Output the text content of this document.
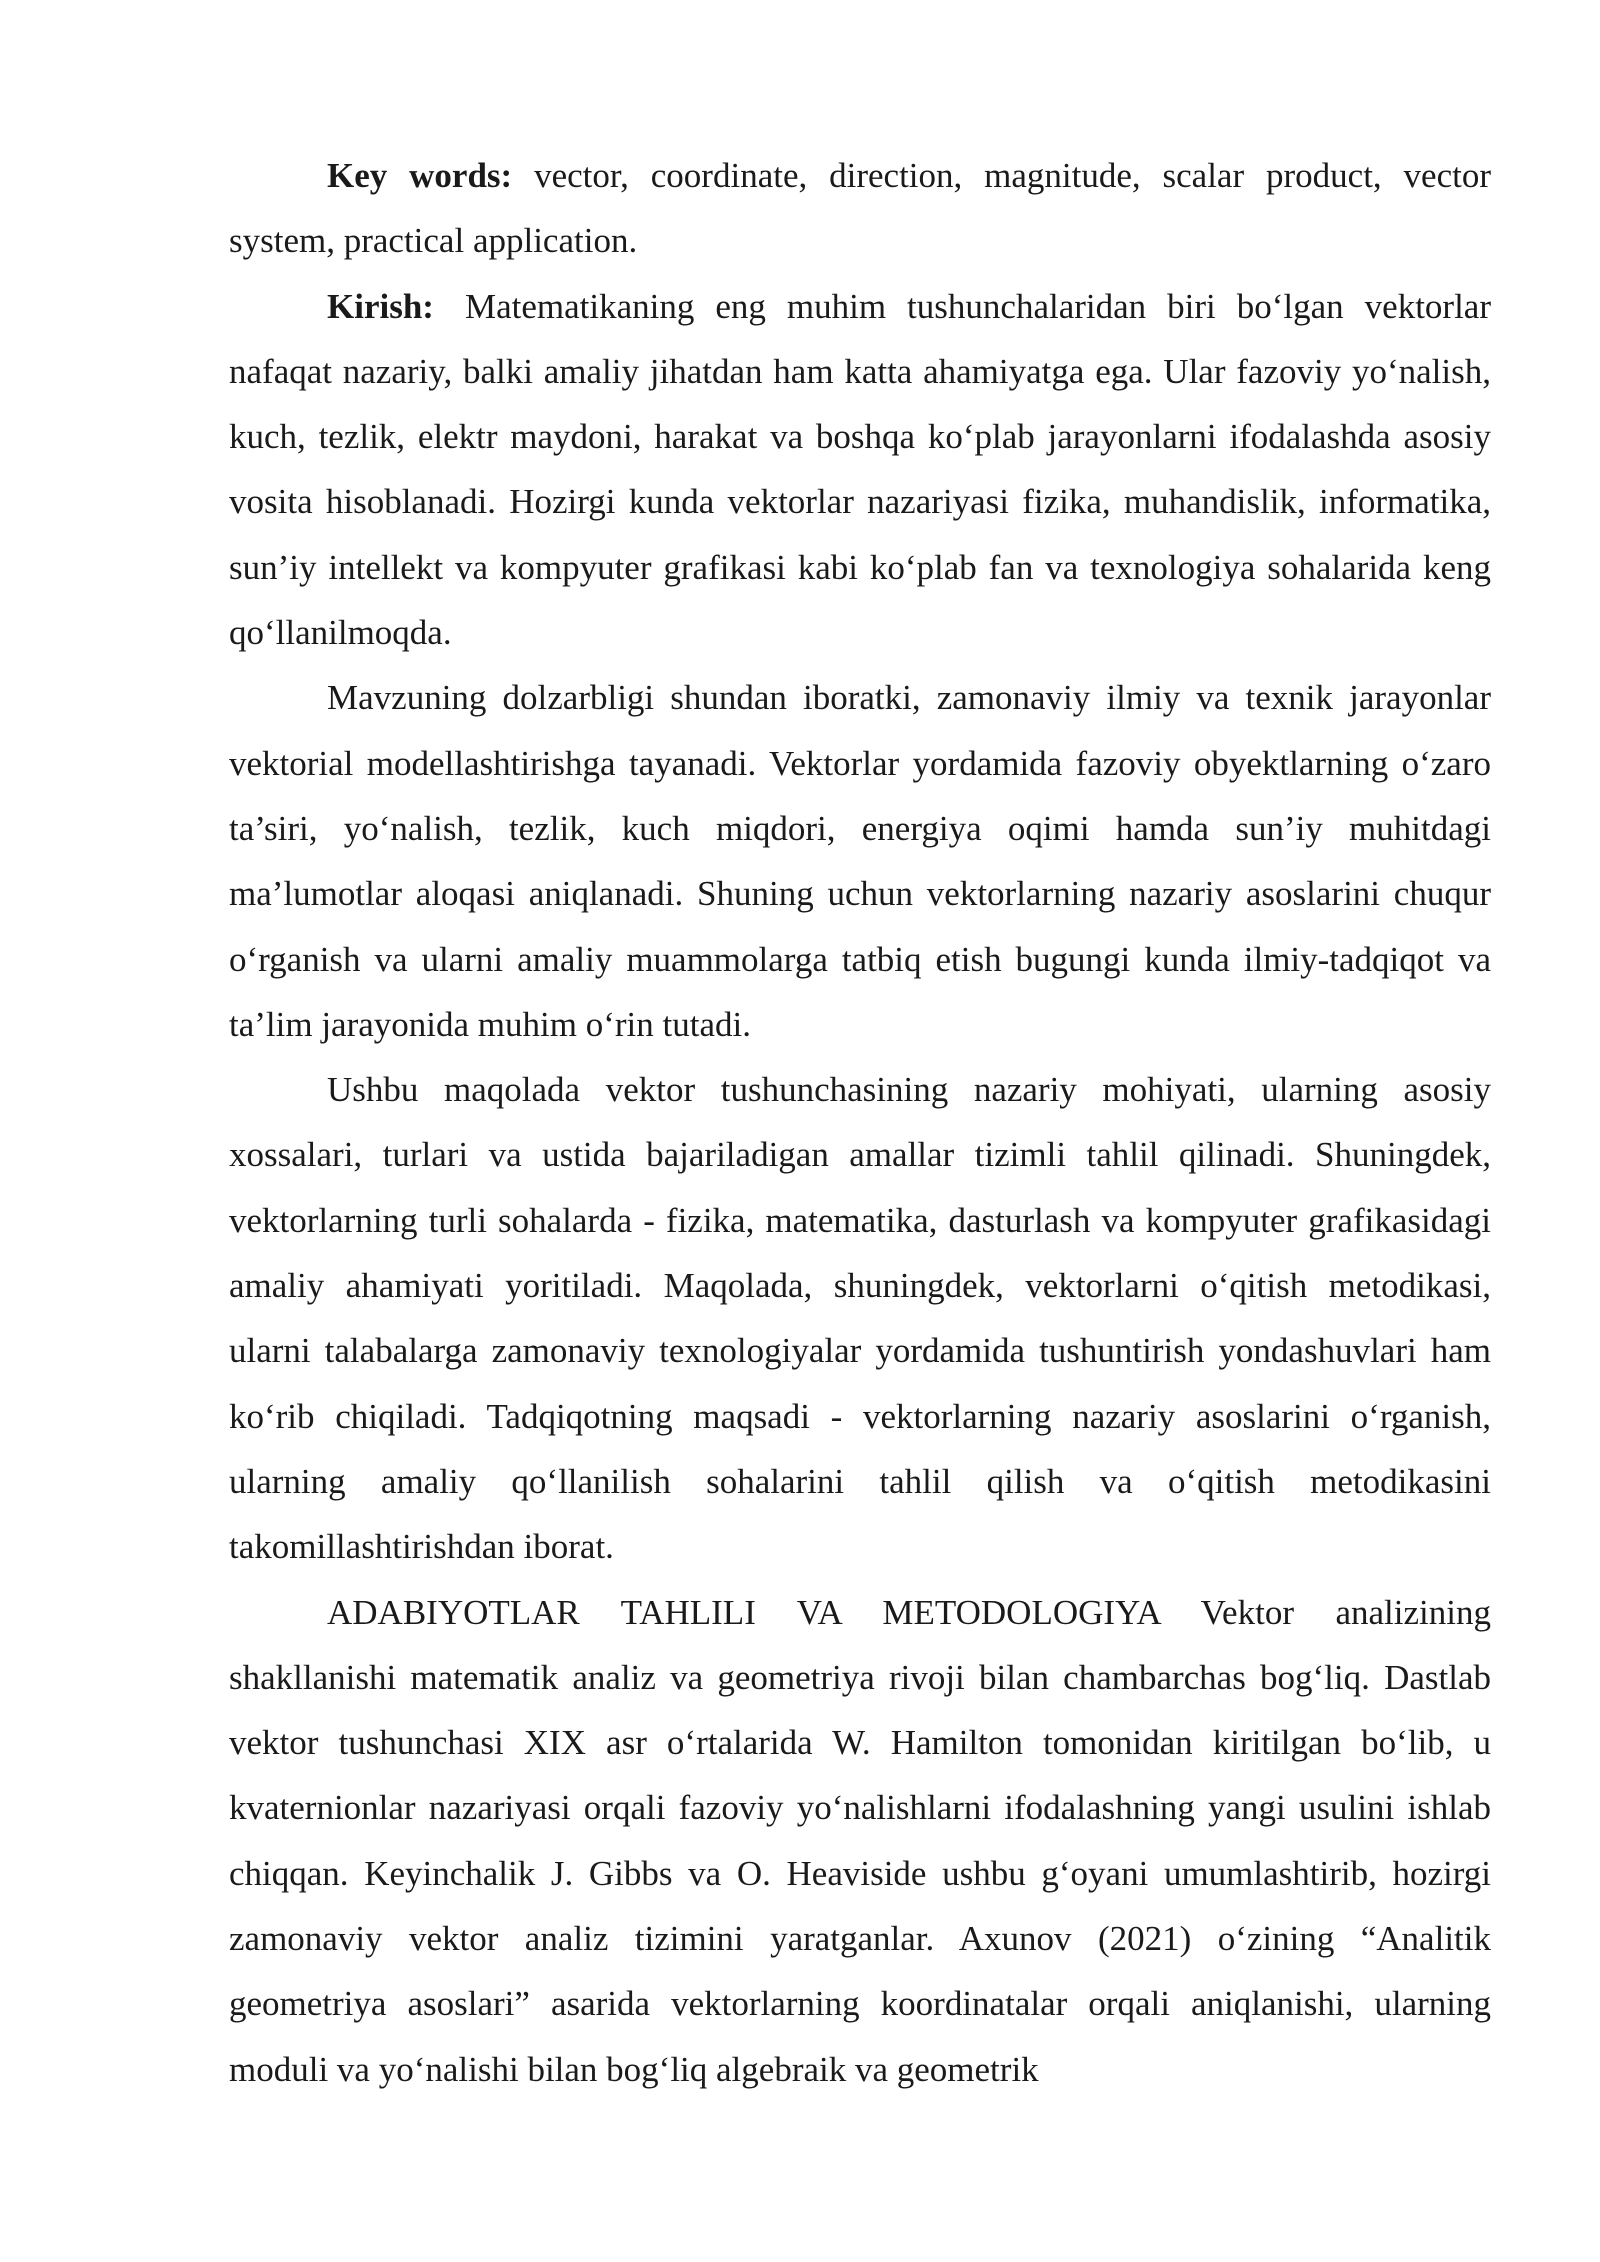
Key words: vector, coordinate, direction, magnitude, scalar product, vector system, practical application.

Kirish: Matematikaning eng muhim tushunchalaridan biri bo‘lgan vektorlar nafaqat nazariy, balki amaliy jihatdan ham katta ahamiyatga ega. Ular fazoviy yo‘nalish, kuch, tezlik, elektr maydoni, harakat va boshqa ko‘plab jarayonlarni ifodalashda asosiy vosita hisoblanadi. Hozirgi kunda vektorlar nazariyasi fizika, muhandislik, informatika, sun’iy intellekt va kompyuter grafikasi kabi ko‘plab fan va texnologiya sohalarida keng qo‘llanilmoqda.

Mavzuning dolzarbligi shundan iboratki, zamonaviy ilmiy va texnik jarayonlar vektorial modellashtirishga tayanadi. Vektorlar yordamida fazoviy obyektlarning o‘zaro ta’siri, yo‘nalish, tezlik, kuch miqdori, energiya oqimi hamda sun’iy muhitdagi ma’lumotlar aloqasi aniqlanadi. Shuning uchun vektorlarning nazariy asoslarini chuqur o‘rganish va ularni amaliy muammolarga tatbiq etish bugungi kunda ilmiy-tadqiqot va ta’lim jarayonida muhim o‘rin tutadi.

Ushbu maqolada vektor tushunchasining nazariy mohiyati, ularning asosiy xossalari, turlari va ustida bajariladigan amallar tizimli tahlil qilinadi. Shuningdek, vektorlarning turli sohalarda - fizika, matematika, dasturlash va kompyuter grafikasidagi amaliy ahamiyati yoritiladi. Maqolada, shuningdek, vektorlarni o‘qitish metodikasi, ularni talabalarga zamonaviy texnologiyalar yordamida tushuntirish yondashuvlari ham ko‘rib chiqiladi. Tadqiqotning maqsadi - vektorlarning nazariy asoslarini o‘rganish, ularning amaliy qo‘llanilish sohalarini tahlil qilish va o‘qitish metodikasini takomillashtirishdan iborat.

ADABIYOTLAR TAHLILI VA METODOLOGIYA Vektor analizining shakllanishi matematik analiz va geometriya rivoji bilan chambarchas bog‘liq. Dastlab vektor tushunchasi XIX asr o‘rtalarida W. Hamilton tomonidan kiritilgan bo‘lib, u kvaternionlar nazariyasi orqali fazoviy yo‘nalishlarni ifodalashning yangi usulini ishlab chiqqan. Keyinchalik J. Gibbs va O. Heaviside ushbu g‘oyani umumlashtirib, hozirgi zamonaviy vektor analiz tizimini yaratganlar. Axunov (2021) o‘zining “Analitik geometriya asoslari” asarida vektorlarning koordinatalar orqali aniqlanishi, ularning moduli va yo‘nalishi bilan bog‘liq algebraik va geometrik
